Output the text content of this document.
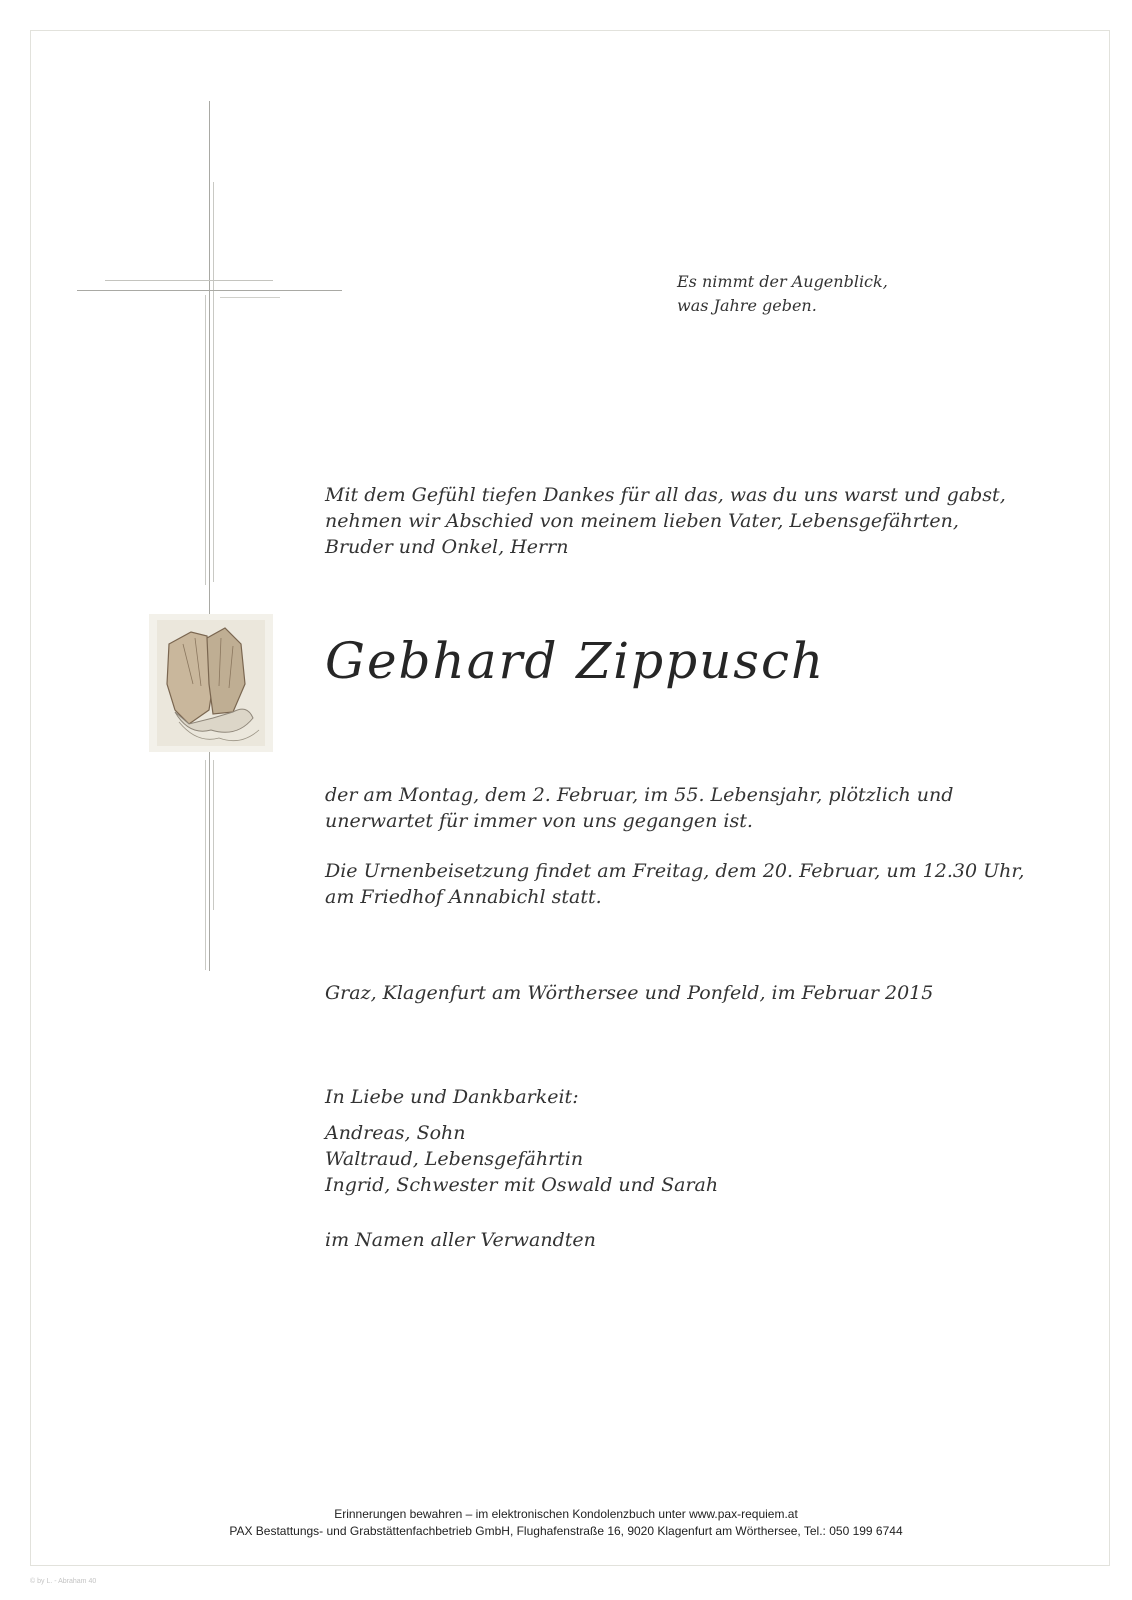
Es nimmt der Augenblick,
was Jahre geben.
Mit dem Gefühl tiefen Dankes für all das, was du uns warst und gabst,
nehmen wir Abschied von meinem lieben Vater, Lebensgefährten,
Bruder und Onkel, Herrn
Gebhard Zippusch
der am Montag, dem 2. Februar, im 55. Lebensjahr, plötzlich und
unerwartet für immer von uns gegangen ist.
Die Urnenbeisetzung findet am Freitag, dem 20. Februar, um 12.30 Uhr,
am Friedhof Annabichl statt.
Graz, Klagenfurt am Wörthersee und Ponfeld, im Februar 2015
In Liebe und Dankbarkeit:
Andreas, Sohn
Waltraud, Lebensgefährtin
Ingrid, Schwester mit Oswald und Sarah
im Namen aller Verwandten
Erinnerungen bewahren – im elektronischen Kondolenzbuch unter www.pax-requiem.at
PAX Bestattungs- und Grabstättenfachbetrieb GmbH, Flughafenstraße 16, 9020 Klagenfurt am Wörthersee, Tel.: 050 199 6744
© by L. - Abraham 40
